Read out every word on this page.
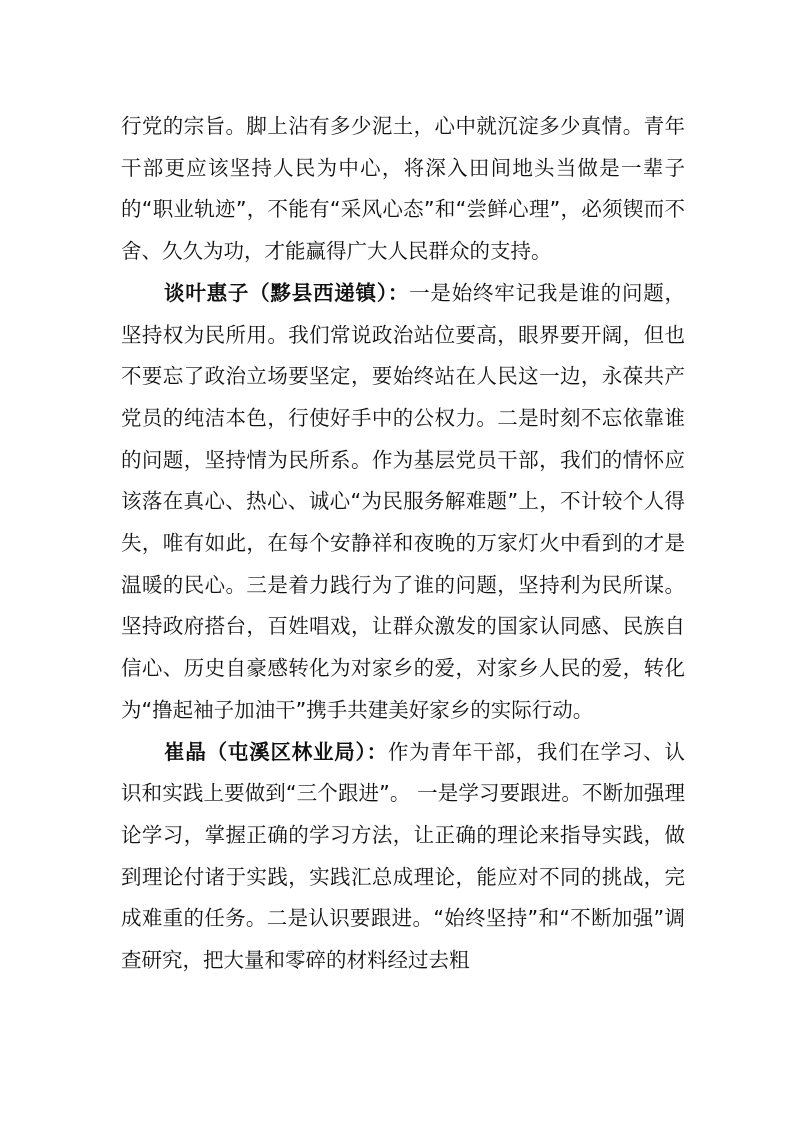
行党的宗旨。脚上沾有多少泥土，心中就沉淀多少真情。青年干部更应该坚持人民为中心，将深入田间地头当做是一辈子的“职业轨迹”，不能有“采风心态”和“尝鲜心理”，必须锲而不舍、久久为功，才能赢得广大人民群众的支持。

谈叶惠子（黟县西递镇）：一是始终牢记我是谁的问题，坚持权为民所用。我们常说政治站位要高，眼界要开阔，但也不要忘了政治立场要坚定，要始终站在人民这一边，永葆共产党员的纯洁本色，行使好手中的公权力。二是时刻不忘依靠谁的问题，坚持情为民所系。作为基层党员干部，我们的情怀应该落在真心、热心、诚心“为民服务解难题”上，不计较个人得失，唯有如此，在每个安静祥和夜晚的万家灯火中看到的才是温暖的民心。三是着力践行为了谁的问题，坚持利为民所谋。坚持政府搭台，百姓唱戏，让群众激发的国家认同感、民族自信心、历史自豪感转化为对家乡的爱，对家乡人民的爱，转化为“撸起袖子加油干”携手共建美好家乡的实际行动。

崔晶（屯溪区林业局）：作为青年干部，我们在学习、认识和实践上要做到“三个跟进”。 一是学习要跟进。不断加强理论学习，掌握正确的学习方法，让正确的理论来指导实践，做到理论付诸于实践，实践汇总成理论，能应对不同的挑战，完成难重的任务。二是认识要跟进。“始终坚持”和“不断加强”调查研究，把大量和零碎的材料经过去粗
